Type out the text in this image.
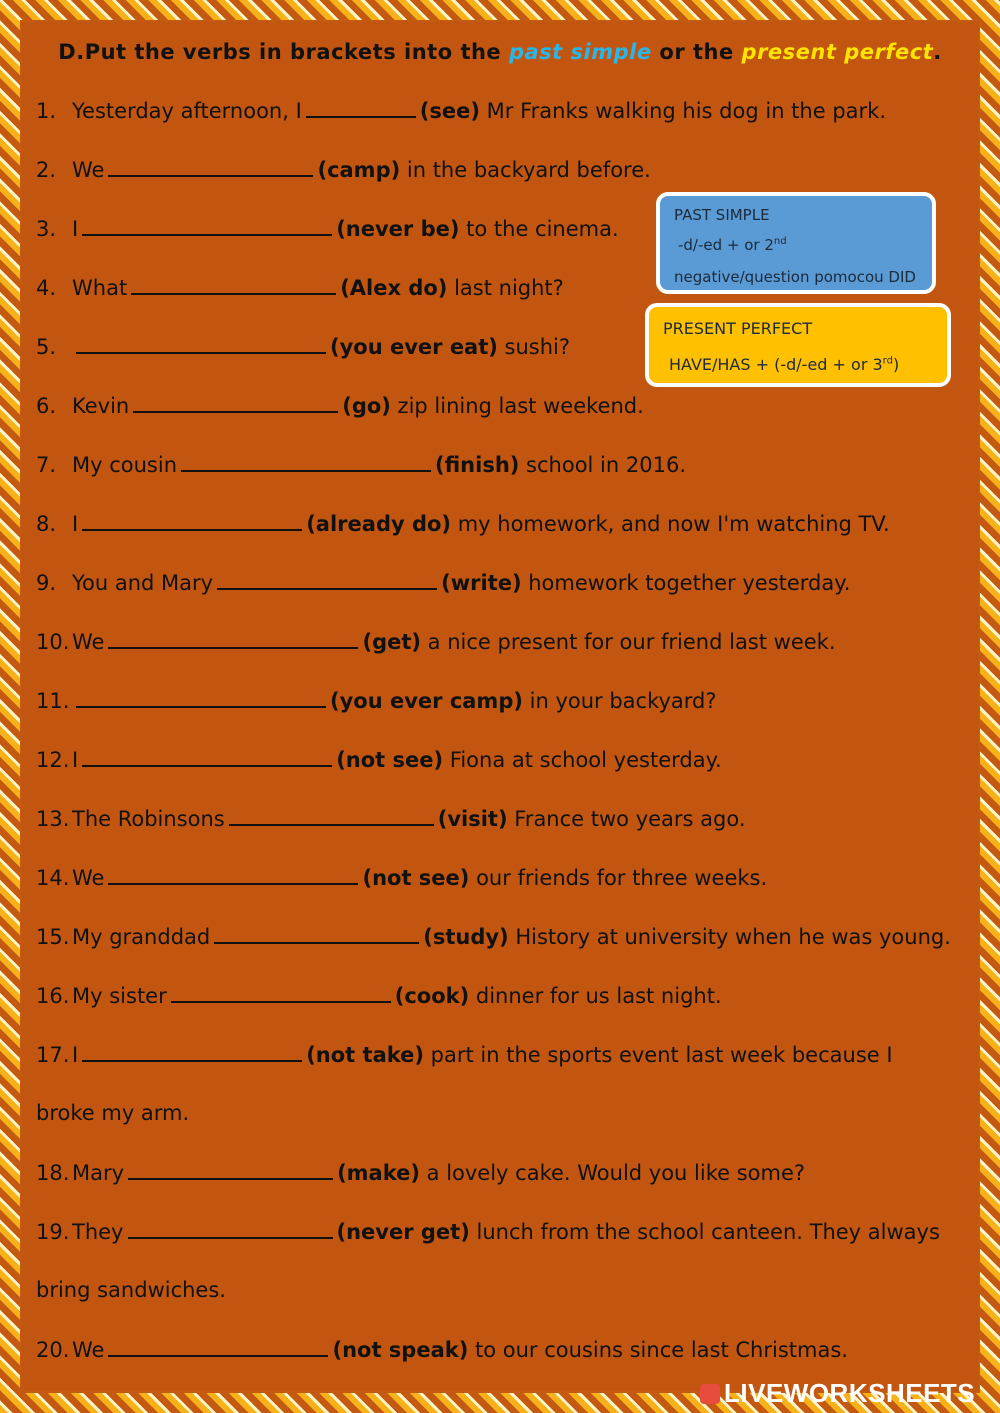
D.Put the verbs in brackets into the past simple or the present perfect.
1. Yesterday afternoon, I	(see) Mr Franks walking his dog in the park.
2. We	(camp) in the backyard before.
3. I	(never be) to the cinema.
4. What	(Alex do) last night?
5.	(you ever eat) sushi?
6. Kevin	(go) zip lining last weekend.
7. My cousin	(finish) school in 2016.
8. I	(already do) my homework, and now I'm watching TV.
9. You and Mary	(write) homework together yesterday.
10. We	(get) a nice present for our friend last week.
11.	(you ever camp) in your backyard?
12. I	(not see) Fiona at school yesterday.
13. The Robinsons	(visit) France two years ago.
14. We	(not see) our friends for three weeks.
15. My granddad	(study) History at university when he was young.
16. My sister	(cook) dinner for us last night.
17. I	(not take) part in the sports event last week because I
broke my arm.
18. Mary	(make) a lovely cake. Would you like some?
19. They	(never get) lunch from the school canteen. They always
bring sandwiches.
20. We	(not speak) to our cousins since last Christmas.
PAST SIMPLE
-d/-ed + or 2nd
negative/question pomocou DID
PRESENT PERFECT
HAVE/HAS + (-d/-ed + or 3rd)
LIVEWORKSHEETS
